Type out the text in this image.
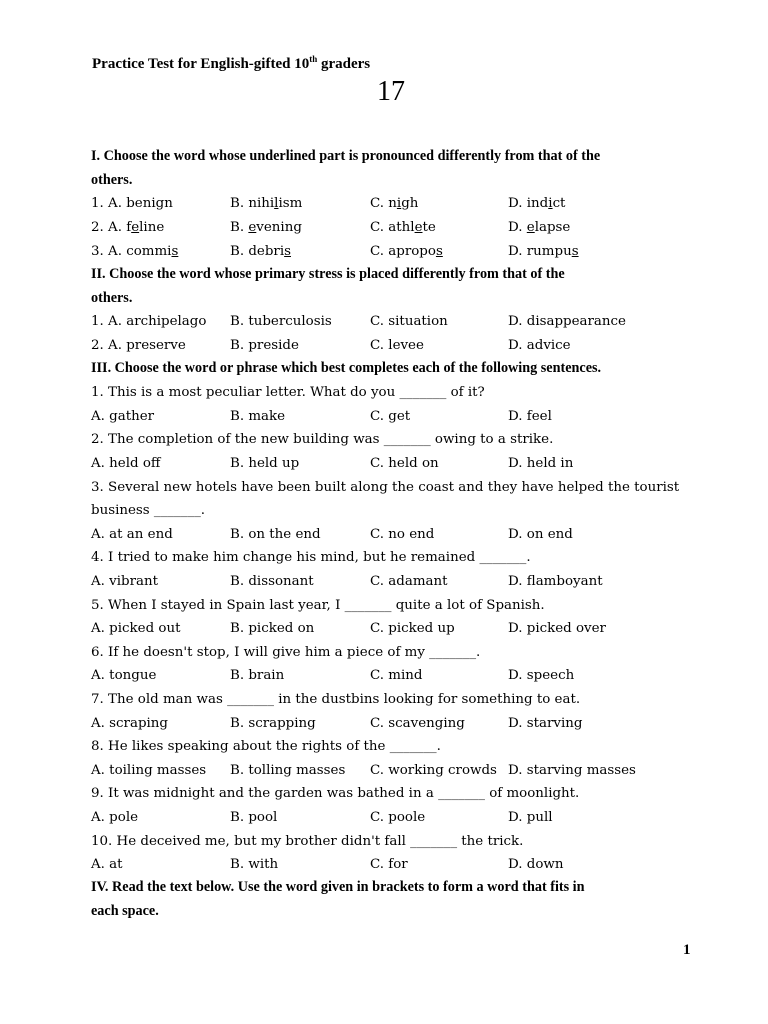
Practice Test for English-gifted 10th graders
17
I. Choose the word whose underlined part is pronounced differently from that of the
others.
1. A. benign	B. nihilism	C. nigh	D. indict
2. A. feline	B. evening	C. athlete	D. elapse
3. A. commis	B. debris	C. apropos	D. rumpus
II. Choose the word whose primary stress is placed differently from that of the
others.
1. A. archipelago B. tuberculosis	C. situation	D. disappearance
2. A. preserve	B. preside	C. levee	D. advice
III. Choose the word or phrase which best completes each of the following sentences.
1. This is a most peculiar letter. What do you _______ of it?
A. gather	B. make	C. get	D. feel
2. The completion of the new building was _______ owing to a strike.
A. held off	B. held up	C. held on	D. held in
3. Several new hotels have been built along the coast and they have helped the tourist
business _______.
A. at an end	B. on the end	C. no end	D. on end
4. I tried to make him change his mind, but he remained _______.
A. vibrant	B. dissonant	C. adamant	D. flamboyant
5. When I stayed in Spain last year, I _______ quite a lot of Spanish.
A. picked out	B. picked on	C. picked up	D. picked over
6. If he doesn't stop, I will give him a piece of my _______.
A. tongue	B. brain	C. mind	D. speech
7. The old man was _______ in the dustbins looking for something to eat.
A. scraping	B. scrapping	C. scavenging	D. starving
8. He likes speaking about the rights of the _______.
A. toiling masses B. tolling masses C. working crowds D. starving masses
9. It was midnight and the garden was bathed in a _______ of moonlight.
A. pole	B. pool	C. poole	D. pull
10. He deceived me, but my brother didn't fall _______ the trick.
A. at	B. with	C. for	D. down
IV. Read the text below. Use the word given in brackets to form a word that fits in
each space.
1
